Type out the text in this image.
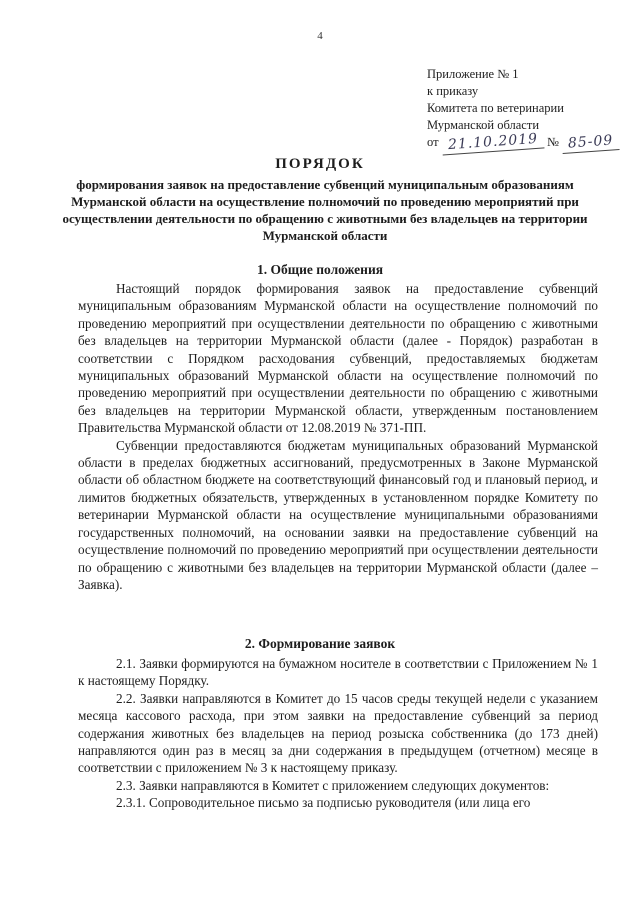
4
Приложение № 1
к приказу
Комитета по ветеринарии
Мурманской области
от 21.10.2019 № 85-09
ПОРЯДОК
формирования заявок на предоставление субвенций муниципальным образованиям Мурманской области на осуществление полномочий по проведению мероприятий при осуществлении деятельности по обращению с животными без владельцев на территории Мурманской области
1. Общие положения

Настоящий порядок формирования заявок на предоставление субвенций муниципальным образованиям Мурманской области на осуществление полномочий по проведению мероприятий при осуществлении деятельности по обращению с животными без владельцев на территории Мурманской области (далее - Порядок) разработан в соответствии с Порядком расходования субвенций, предоставляемых бюджетам муниципальных образований Мурманской области на осуществление полномочий по проведению мероприятий при осуществлении деятельности по обращению с животными без владельцев на территории Мурманской области, утвержденным постановлением Правительства Мурманской области от 12.08.2019 № 371-ПП.

Субвенции предоставляются бюджетам муниципальных образований Мурманской области в пределах бюджетных ассигнований, предусмотренных в Законе Мурманской области об областном бюджете на соответствующий финансовый год и плановый период, и лимитов бюджетных обязательств, утвержденных в установленном порядке Комитету по ветеринарии Мурманской области на осуществление муниципальными образованиями государственных полномочий, на основании заявки на предоставление субвенций на осуществление полномочий по проведению мероприятий при осуществлении деятельности по обращению с животными без владельцев на территории Мурманской области (далее – Заявка).

2. Формирование заявок

2.1. Заявки формируются на бумажном носителе в соответствии с Приложением № 1 к настоящему Порядку.

2.2. Заявки направляются в Комитет до 15 часов среды текущей недели с указанием месяца кассового расхода, при этом заявки на предоставление субвенций за период содержания животных без владельцев на период розыска собственника (до 173 дней) направляются один раз в месяц за дни содержания в предыдущем (отчетном) месяце в соответствии с приложением № 3 к настоящему приказу.

2.3. Заявки направляются в Комитет с приложением следующих документов:

2.3.1. Сопроводительное письмо за подписью руководителя (или лица его
